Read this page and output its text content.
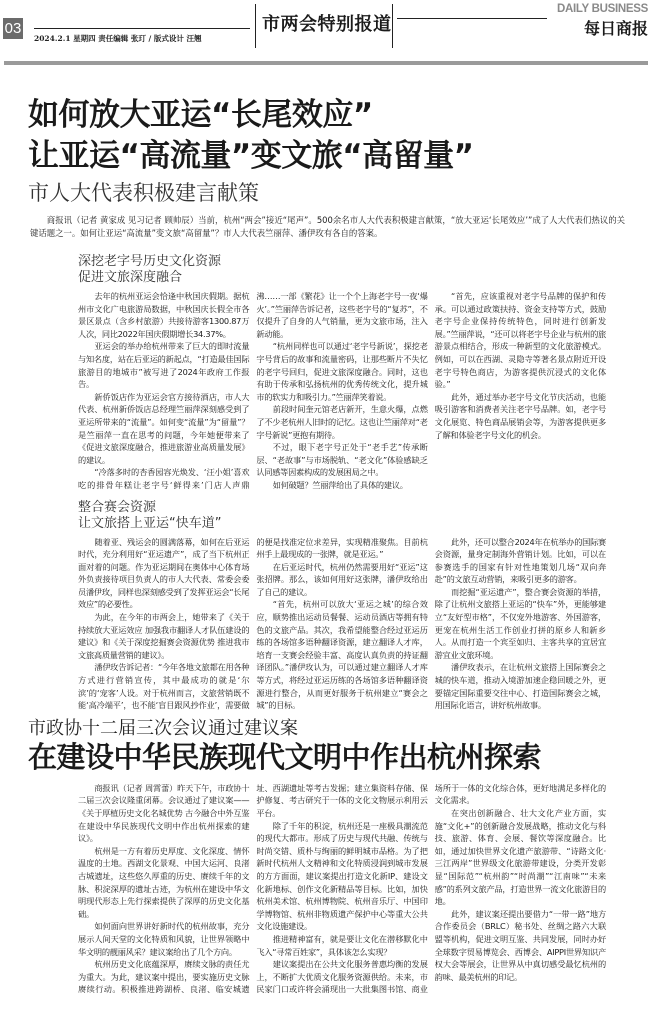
03
2024.2.1 星期四 责任编辑 张玎 / 版式设计 汪翘
市两会特别报道
DAILY BUSINESS
每日商报
如何放大亚运“长尾效应”
让亚运“高流量”变文旅“高留量”
市人大代表积极建言献策
商报讯（记者 黄家成 见习记者 顾帅辰）当前，杭州“两会”接近“尾声”。500余名市人大代表积极建言献策，“放大亚运‘长尾效应’”成了人大代表们热议的关键话题之一。如何让亚运“高流量”变文旅“高留量”？市人大代表竺丽萍、潘伊玫有各自的答案。
深挖老字号历史文化资源
促进文旅深度融合

去年的杭州亚运会恰逢中秋国庆假期。据杭州市文化广电旅游局数据，中秋国庆长假全市各景区景点（含乡村旅游）共接待游客1300.87万人次，同比2022年国庆假期增长34.37%。

亚运会的举办给杭州带来了巨大的即时流量与知名度，站在后亚运的新起点，“打造最佳国际旅游目的地城市”被写进了2024年政府工作报告。

新侨饭店作为亚运会官方接待酒店，市人大代表、杭州新侨饭店总经理竺丽萍深刻感受到了亚运所带来的“流量”。如何变“流量”为“留量”？是竺丽萍一直在思考的问题，今年她便带来了《促进文旅深度融合，推进旅游业高质量发展》的建议。

“冷落多时的杏香园容光焕发、‘汪小姐’喜欢吃的排骨年糕让老字号‘鲜得来’门店人声鼎沸……一部《繁花》让一个个上海老字号一夜‘爆火’。”竺丽萍告诉记者，这些老字号的“复苏”，不仅提升了自身的人气销量，更为文旅市场，注入新动能。

“杭州同样也可以通过‘老字号新说’，探挖老字号背后的故事和流量密码，让那些断片不失忆的老字号回归，促进文旅深度融合。同时，这也有助于传承和弘扬杭州的优秀传统文化，提升城市的软实力和吸引力。”竺丽萍笑着说。

前段时间奎元馆老店新开，生意火爆，点燃了不少老杭州人旧时的记忆。这也让竺丽萍对“老字号新说”更抱有期待。

不过，眼下老字号正处于“老手艺”传承断层、“老故事”与市场脱轨、“老文化”体验感缺乏认同感等因素构成的发展困局之中。

如何破题？竺丽萍给出了具体的建议。

“首先，应该重视对老字号品牌的保护和传承。可以通过政策扶持、资金支持等方式，鼓励老字号企业保持传统特色，同时进行创新发展。”竺丽萍说，“还可以将老字号企业与杭州的旅游景点相结合，形成一种新型的文化旅游模式。例如，可以在西湖、灵隐寺等著名景点附近开设老字号特色商店，为游客提供沉浸式的文化体验。”

此外，通过举办老字号文化节庆活动，也能吸引游客和消费者关注老字号品牌。如，老字号文化展览、特色商品展销会等，为游客提供更多了解和体验老字号文化的机会。

整合赛会资源
让文旅搭上亚运“快车道”

随着亚、残运会的圆满落幕，如何在后亚运时代，充分利用好“亚运遗产”，成了当下杭州正面对着的问题。作为亚运期间在奥体中心体育场外负责接待项目负责人的市人大代表、常委会委员潘伊玫，同样也深刻感受到了发挥亚运会“长尾效应”的必要性。

为此，在今年的市两会上，她带来了《关于持续放大亚运效应 加强我市翻译人才队伍建设的建议》和《关于深度挖掘赛会资源优势 推进我市文旅高质量营销的建议》。

潘伊玫告诉记者：“今年各地文旅都在用各种方式进行营销宣传，其中最成功的就是‘尔滨’的‘宠客’人设。对于杭州而言，文旅营销既不能‘高冷端平’，也不能‘盲目跟风抄作业’，需要做的便是找准定位求差异，实现精准聚焦。目前杭州手上最现成的一张牌，就是亚运。”

在后亚运时代，杭州仍然需要用好“亚运”这张招牌。那么，该如何用好这张牌，潘伊玫给出了自己的建议。

“首先，杭州可以放大‘亚运之城’的综合效应，顺势推出运动员餐餐、运动员酒店等拥有特色的文旅产品。其次，我希望能整合经过亚运历练的各场馆多语种翻译资源，建立翻译人才库，培育一支赛会经验丰富、高度认真负责的持证翻译团队。”潘伊玫认为，可以通过建立翻译人才库等方式，将经过亚运历练的各场馆多语种翻译资源进行整合，从而更好服务于杭州建立“赛会之城”的目标。

此外，还可以整合2024年在杭举办的国际赛会资源，量身定制海外营销计划。比如，可以在参赛选手的国家有针对性地策划几场“双向奔赴”的文旅互动营销，来吸引更多的游客。

而挖掘“亚运遗产”，整合赛会资源的举措，除了让杭州文旅搭上亚运的“快车”外，更能够建立“友好型市格”，不仅宠外地游客、外国游客，更宠在杭州生活工作创业打拼的原乡人和新乡人。从而打造一个宾至如归、主客共享的宜居宜游宜业文旅环境。

潘伊玫表示，在让杭州文旅搭上国际赛会之城的快车道，推动入境游加速企稳回暖之外，更要锚定国际重要交往中心、打造国际赛会之城，用国际化语言，讲好杭州故事。

市政协十二届三次会议通过建议案
在建设中华民族现代文明中作出杭州探索

商报讯（记者 周霄蕾）昨天下午，市政协十二届三次会议隆重闭幕。会议通过了建议案——《关于厚植历史文化名城优势 古今融合中外互鉴 在建设中华民族现代文明中作出杭州探索的建议》。

杭州是一方有着历史厚度、文化深度、情怀温度的土地。西湖文化景观、中国大运河、良渚古城遗址，这些悠久厚重的历史、赓续千年的文脉、积淀深厚的遗址古迹，为杭州在建设中华文明现代形态上先行探索提供了深厚的历史文化基础。

如何面向世界讲好新时代的杭州故事，充分展示人间天堂的文化特质和风貌，让世界领略中华文明的靓丽风采？建议案给出了几个方向。

杭州历史文化底蕴深厚，赓续文脉的责任尤为重大。为此，建议案中提出，要实施历史文脉赓续行动。积极推进跨湖桥、良渚、临安城遗址、西湖遗址等考古发掘；建立集资料存储、保护修复、考古研究于一体的文化文物展示利用云平台。

除了千年的积淀，杭州还是一座极具潮流范的现代大都市。形成了历史与现代共融、传统与时尚交错、质朴与绚丽的鲜明城市品格。为了把新时代杭州人文精神和文化特质浸润到城市发展的方方面面，建议案提出打造文化新IP、建设文化新地标、创作文化新精品等目标。比如，加快杭州美术馆、杭州博物院、杭州音乐厅、中国印学博物馆、杭州非物质遗产保护中心等重大公共文化设施建设。

推进精神富有，就是要让文化在潜移默化中飞入“寻常百姓家”，具体该怎么实现？

建议案提出在公共文化服务普惠均衡的发展上，不断扩大优质文化服务资源供给。未来，市民家门口或许将会涌现出一大批集图书馆、商业场所于一体的文化综合体，更好地满足多样化的文化需求。

在突出创新融合、壮大文化产业方面，实施“文化+”的创新融合发展战略，推动文化与科技、旅游、体育、会展、餐饮等深度融合。比如，通过加快世界文化遗产旅游带、“诗路文化·三江两岸”世界级文化旅游带建设，分类开发彰显“国际范”“杭州韵”“时尚潮”“江南味”“未来感”的系列文旅产品，打造世界一流文化旅游目的地。

此外，建议案还提出要借力“一带一路”地方合作委员会（BRLC）秘书处、丝绸之路六大联盟等机构，促进文明互鉴、共同发展，同时办好全球数字贸易博览会、西博会、AIPPI世界知识产权大会等展会，让世界从中真切感受最忆杭州的韵味、最美杭州的印记。
